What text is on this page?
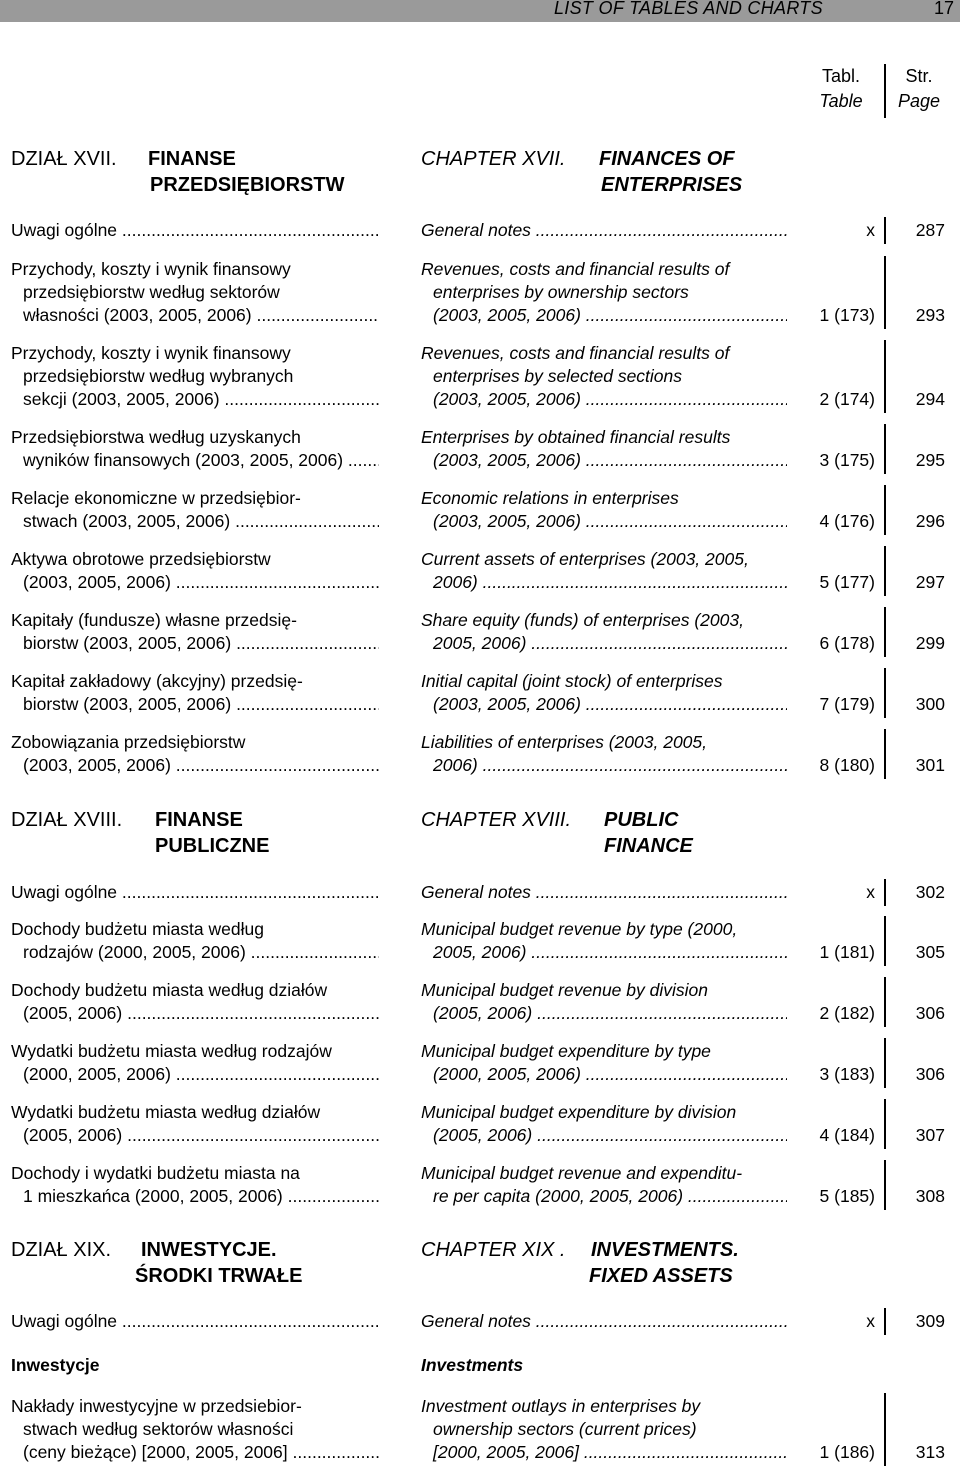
LIST OF TABLES AND CHARTS	17
Tabl.
Table
Str.
Page
DZIAŁ XVII. FINANSE
PRZEDSIĘBIORSTW
CHAPTER XVII. FINANCES OF
ENTERPRISES
Uwagi ogólne .....	General notes .....	x	287
Przychody, koszty i wynik finansowy
przedsiębiorstw według sektorów
własności (2003, 2005, 2006) .....
Revenues, costs and financial results of
enterprises by ownership sectors
(2003, 2005, 2006) .....	1 (173)	293
Przychody, koszty i wynik finansowy
przedsiębiorstw według wybranych
sekcji (2003, 2005, 2006) .....
Revenues, costs and financial results of
enterprises by selected sections
(2003, 2005, 2006) .....	2 (174)	294
Przedsiębiorstwa według uzyskanych
wyników finansowych (2003, 2005, 2006) .....
Enterprises by obtained financial results
(2003, 2005, 2006) .....	3 (175)	295
Relacje ekonomiczne w przedsiębior-
stwach (2003, 2005, 2006) .....
Economic relations in enterprises
(2003, 2005, 2006) .....	4 (176)	296
Aktywa obrotowe przedsiębiorstw
(2003, 2005, 2006) .....
Current assets of enterprises (2003, 2005,
2006) .....	5 (177)	297
Kapitały (fundusze) własne przedsię-
biorstw (2003, 2005, 2006) .....
Share equity (funds) of enterprises (2003,
2005, 2006) .....	6 (178)	299
Kapitał zakładowy (akcyjny) przedsię-
biorstw (2003, 2005, 2006) .....
Initial capital (joint stock) of enterprises
(2003, 2005, 2006) .....	7 (179)	300
Zobowiązania przedsiębiorstw
(2003, 2005, 2006) .....
Liabilities of enterprises (2003, 2005,
2006) .....	8 (180)	301
DZIAŁ XVIII. FINANSE
PUBLICZNE
CHAPTER XVIII. PUBLIC
FINANCE
Uwagi ogólne .....	General notes .....	x	302
Dochody budżetu miasta według
rodzajów (2000, 2005, 2006) .....
Municipal budget revenue by type (2000,
2005, 2006) .....	1 (181)	305
Dochody budżetu miasta według działów
(2005, 2006) .....
Municipal budget revenue by division
(2005, 2006) .....	2 (182)	306
Wydatki budżetu miasta według rodzajów
(2000, 2005, 2006) .....
Municipal budget expenditure by type
(2000, 2005, 2006) .....	3 (183)	306
Wydatki budżetu miasta według działów
(2005, 2006) .....
Municipal budget expenditure by division
(2005, 2006) .....	4 (184)	307
Dochody i wydatki budżetu miasta na
1 mieszkańca (2000, 2005, 2006) .....
Municipal budget revenue and expenditu-
re per capita (2000, 2005, 2006) .....	5 (185)	308
DZIAŁ XIX. INWESTYCJE.
ŚRODKI TRWAŁE
CHAPTER XIX . INVESTMENTS.
FIXED ASSETS
Uwagi ogólne .....	General notes .....	x	309
Inwestycje	Investments
Nakłady inwestycyjne w przedsiebior-
stwach według sektorów własności
(ceny bieżące) [2000, 2005, 2006] .....
Investment outlays in enterprises by
ownership sectors (current prices)
[2000, 2005, 2006] .....	1 (186)	313
